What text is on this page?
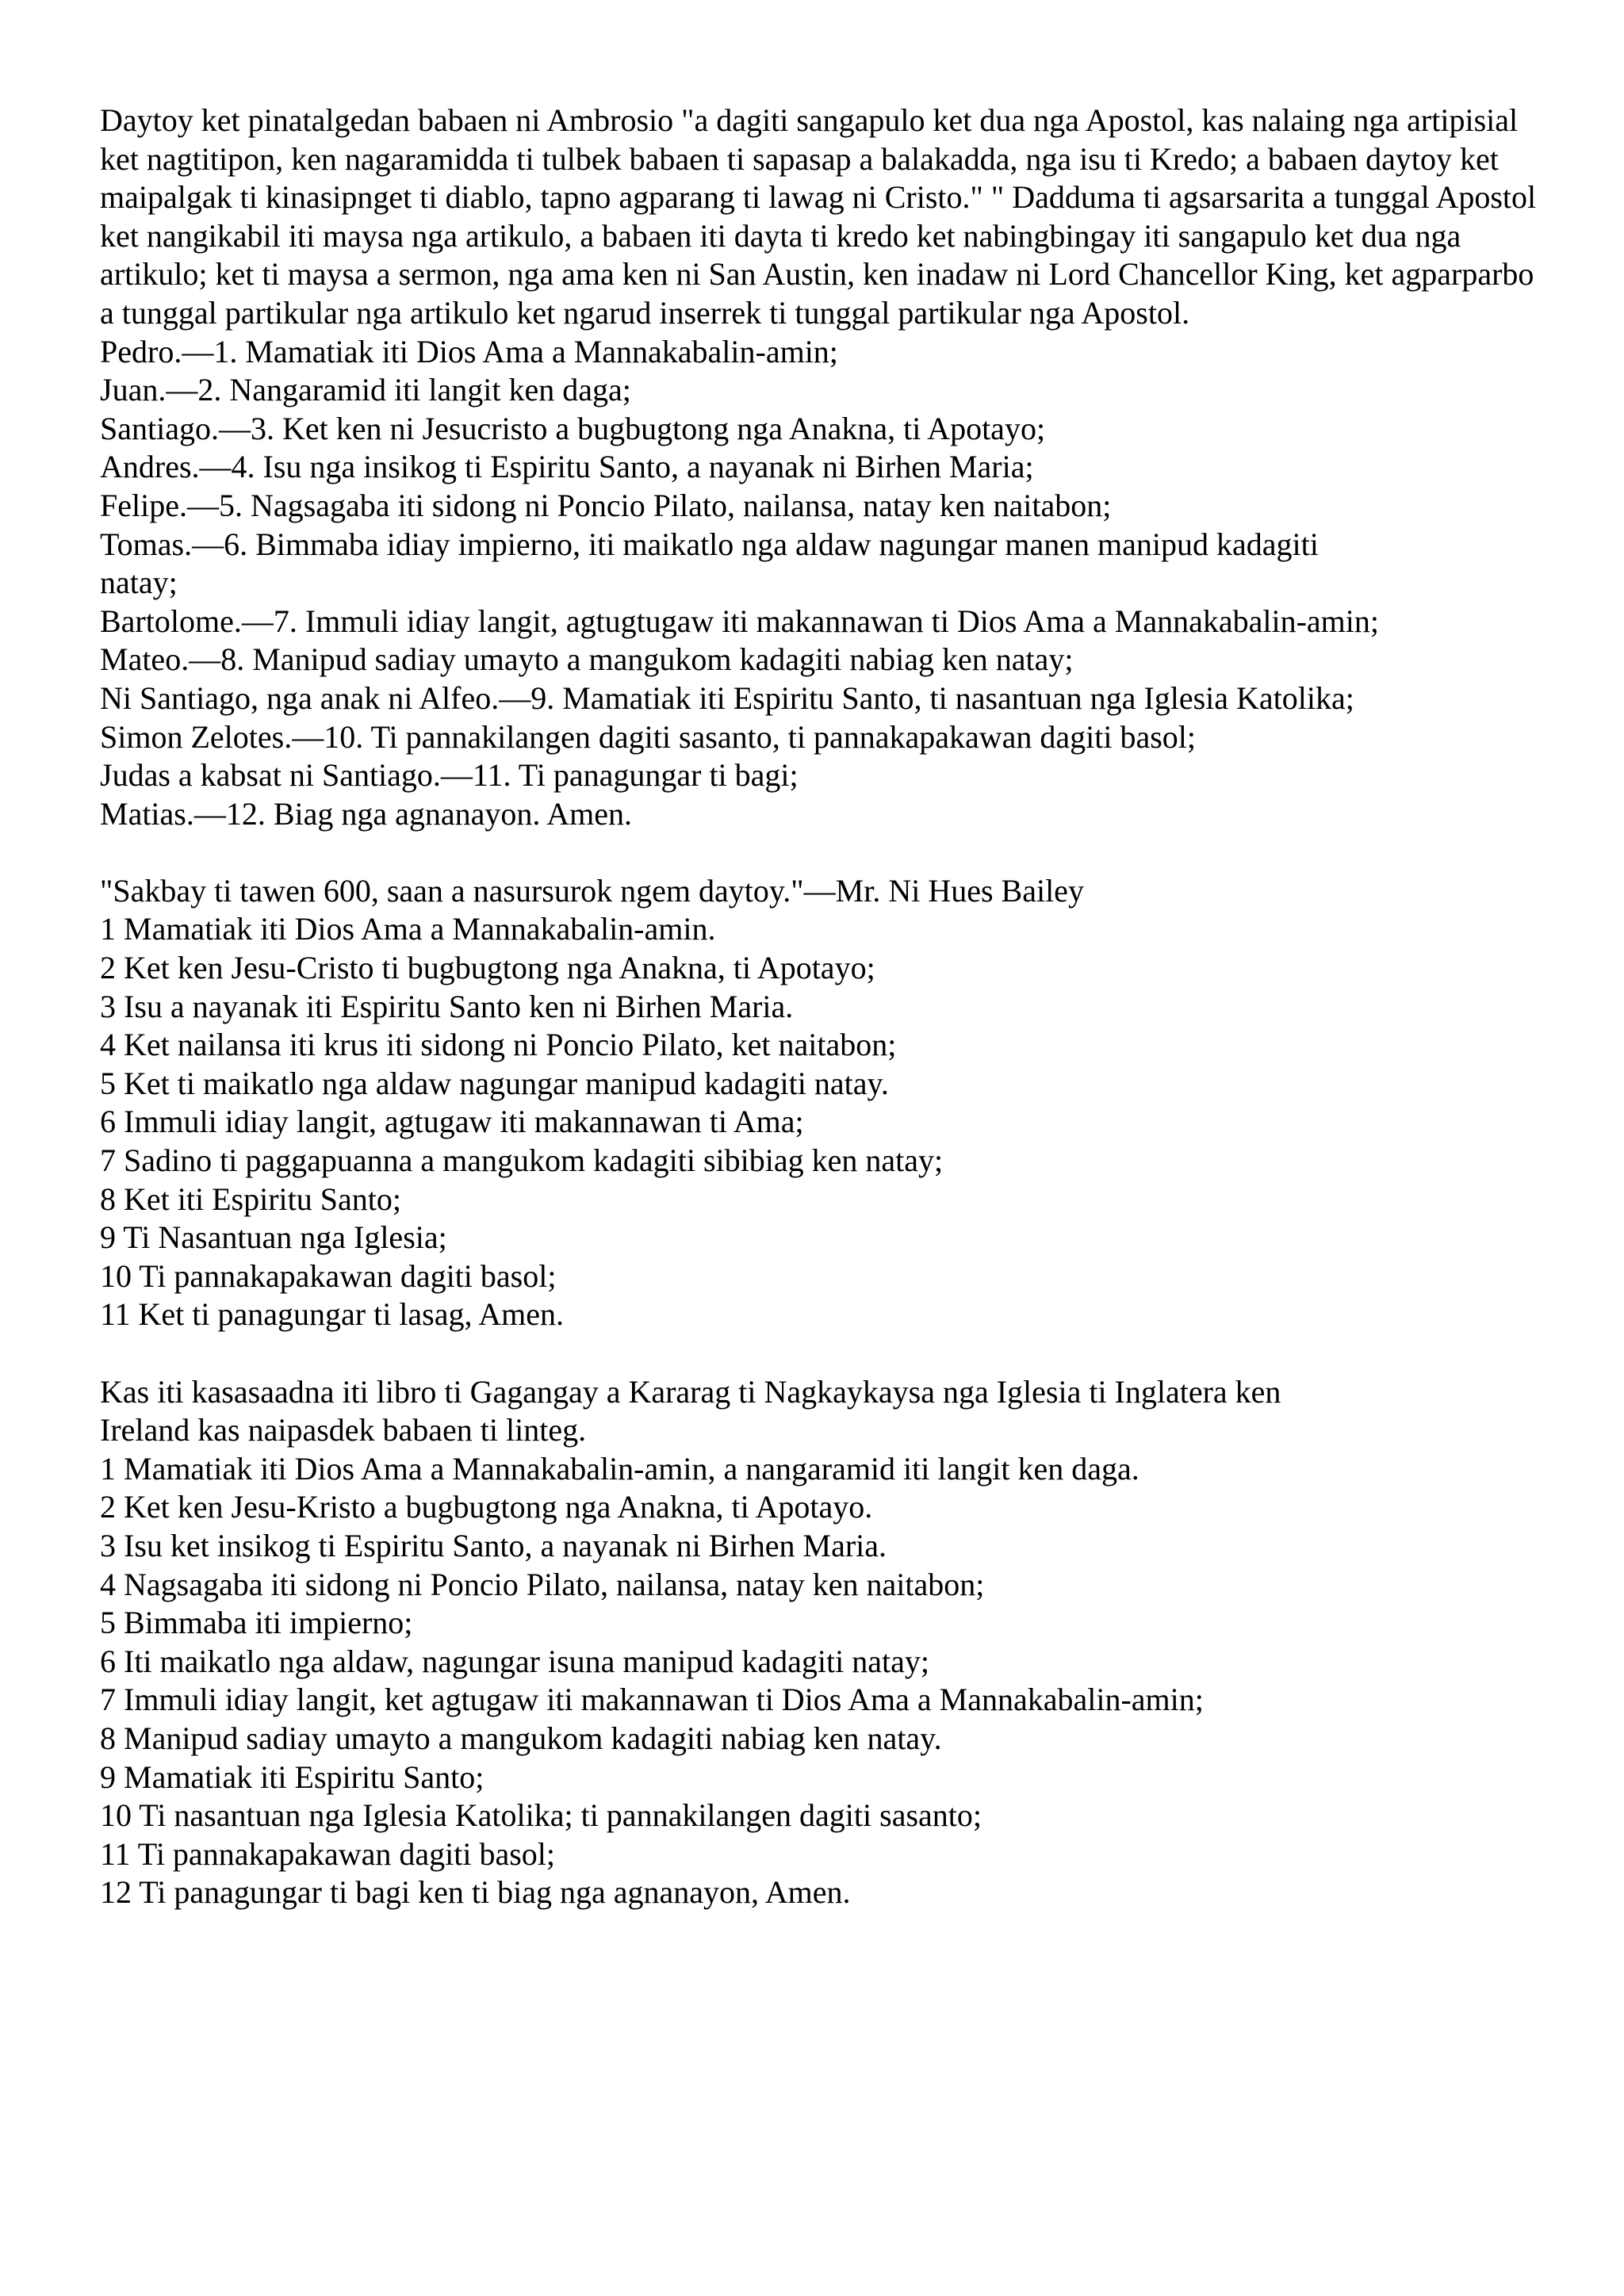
Daytoy ket pinatalgedan babaen ni Ambrosio "a dagiti sangapulo ket dua nga Apostol, kas nalaing nga artipisial ket nagtitipon, ken nagaramidda ti tulbek babaen ti sapasap a balakadda, nga isu ti Kredo; a babaen daytoy ket maipalgak ti kinasipnget ti diablo, tapno agparang ti lawag ni Cristo." " Dadduma ti agsarsarita a tunggal Apostol ket nangikabil iti maysa nga artikulo, a babaen iti dayta ti kredo ket nabingbingay iti sangapulo ket dua nga artikulo; ket ti maysa a sermon, nga ama ken ni San Austin, ken inadaw ni Lord Chancellor King, ket agparparbo a tunggal partikular nga artikulo ket ngarud inserrek ti tunggal partikular nga Apostol.

Pedro.—1. Mamatiak iti Dios Ama a Mannakabalin-amin;
Juan.—2. Nangaramid iti langit ken daga;
Santiago.—3. Ket ken ni Jesucristo a bugbugtong nga Anakna, ti Apotayo;
Andres.—4. Isu nga insikog ti Espiritu Santo, a nayanak ni Birhen Maria;
Felipe.—5. Nagsagaba iti sidong ni Poncio Pilato, nailansa, natay ken naitabon;
Tomas.—6. Bimmaba idiay impierno, iti maikatlo nga aldaw nagungar manen manipud kadagiti
natay;
Bartolome.—7. Immuli idiay langit, agtugtugaw iti makannawan ti Dios Ama a Mannakabalin-amin;
Mateo.—8. Manipud sadiay umayto a mangukom kadagiti nabiag ken natay;
Ni Santiago, nga anak ni Alfeo.—9. Mamatiak iti Espiritu Santo, ti nasantuan nga Iglesia Katolika;
Simon Zelotes.—10. Ti pannakilangen dagiti sasanto, ti pannakapakawan dagiti basol;
Judas a kabsat ni Santiago.—11. Ti panagungar ti bagi;
Matias.—12. Biag nga agnanayon. Amen.
"Sakbay ti tawen 600, saan a nasursurok ngem daytoy."—Mr. Ni Hues Bailey
1 Mamatiak iti Dios Ama a Mannakabalin-amin.
2 Ket ken Jesu-Cristo ti bugbugtong nga Anakna, ti Apotayo;
3 Isu a nayanak iti Espiritu Santo ken ni Birhen Maria.
4 Ket nailansa iti krus iti sidong ni Poncio Pilato, ket naitabon;
5 Ket ti maikatlo nga aldaw nagungar manipud kadagiti natay.
6 Immuli idiay langit, agtugaw iti makannawan ti Ama;
7 Sadino ti paggapuanna a mangukom kadagiti sibibiag ken natay;
8 Ket iti Espiritu Santo;
9 Ti Nasantuan nga Iglesia;
10 Ti pannakapakawan dagiti basol;
11 Ket ti panagungar ti lasag, Amen.
Kas iti kasasaadna iti libro ti Gagangay a Kararag ti Nagkaykaysa nga Iglesia ti Inglatera ken
Ireland kas naipasdek babaen ti linteg.
1 Mamatiak iti Dios Ama a Mannakabalin-amin, a nangaramid iti langit ken daga.
2 Ket ken Jesu-Kristo a bugbugtong nga Anakna, ti Apotayo.
3 Isu ket insikog ti Espiritu Santo, a nayanak ni Birhen Maria.
4 Nagsagaba iti sidong ni Poncio Pilato, nailansa, natay ken naitabon;
5 Bimmaba iti impierno;
6 Iti maikatlo nga aldaw, nagungar isuna manipud kadagiti natay;
7 Immuli idiay langit, ket agtugaw iti makannawan ti Dios Ama a Mannakabalin-amin;
8 Manipud sadiay umayto a mangukom kadagiti nabiag ken natay.
9 Mamatiak iti Espiritu Santo;
10 Ti nasantuan nga Iglesia Katolika; ti pannakilangen dagiti sasanto;
11 Ti pannakapakawan dagiti basol;
12 Ti panagungar ti bagi ken ti biag nga agnanayon, Amen.
